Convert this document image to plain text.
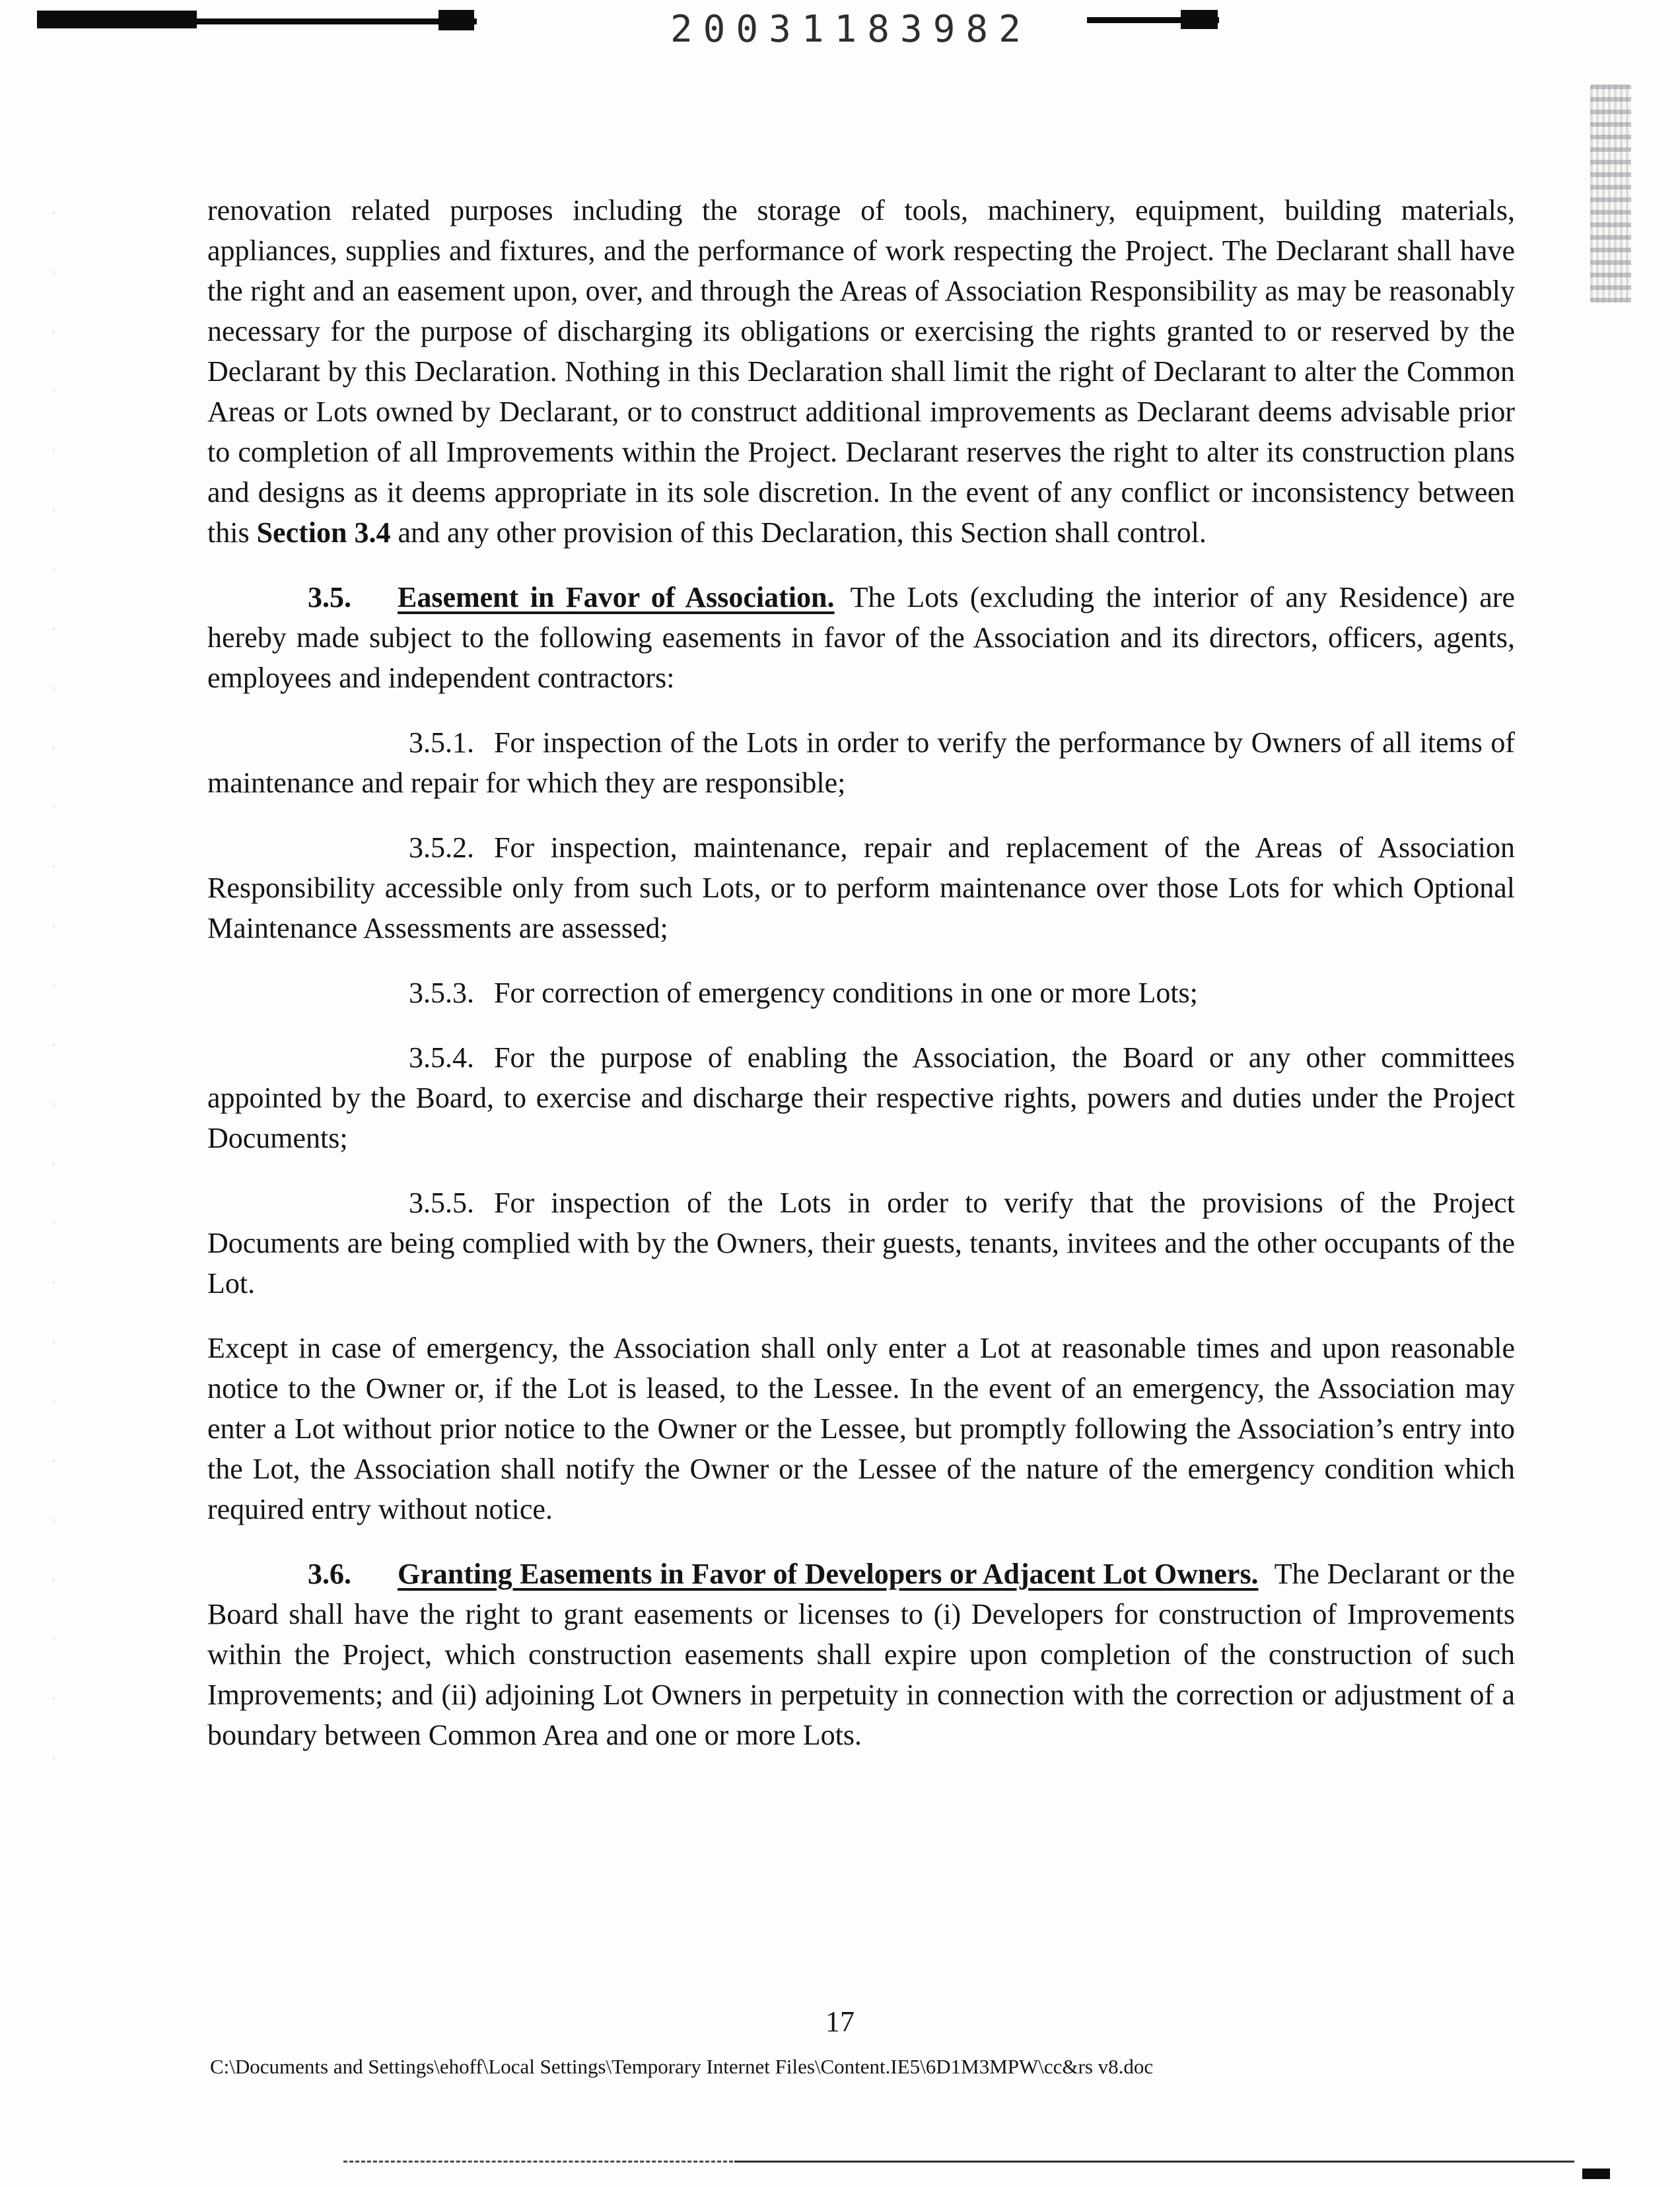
20031183982

renovation related purposes including the storage of tools, machinery, equipment, building materials, appliances, supplies and fixtures, and the performance of work respecting the Project. The Declarant shall have the right and an easement upon, over, and through the Areas of Association Responsibility as may be reasonably necessary for the purpose of discharging its obligations or exercising the rights granted to or reserved by the Declarant by this Declaration. Nothing in this Declaration shall limit the right of Declarant to alter the Common Areas or Lots owned by Declarant, or to construct additional improvements as Declarant deems advisable prior to completion of all Improvements within the Project. Declarant reserves the right to alter its construction plans and designs as it deems appropriate in its sole discretion. In the event of any conflict or inconsistency between this Section 3.4 and any other provision of this Declaration, this Section shall control.

3.5. Easement in Favor of Association. The Lots (excluding the interior of any Residence) are hereby made subject to the following easements in favor of the Association and its directors, officers, agents, employees and independent contractors:

3.5.1. For inspection of the Lots in order to verify the performance by Owners of all items of maintenance and repair for which they are responsible;

3.5.2. For inspection, maintenance, repair and replacement of the Areas of Association Responsibility accessible only from such Lots, or to perform maintenance over those Lots for which Optional Maintenance Assessments are assessed;

3.5.3. For correction of emergency conditions in one or more Lots;

3.5.4. For the purpose of enabling the Association, the Board or any other committees appointed by the Board, to exercise and discharge their respective rights, powers and duties under the Project Documents;

3.5.5. For inspection of the Lots in order to verify that the provisions of the Project Documents are being complied with by the Owners, their guests, tenants, invitees and the other occupants of the Lot.

Except in case of emergency, the Association shall only enter a Lot at reasonable times and upon reasonable notice to the Owner or, if the Lot is leased, to the Lessee. In the event of an emergency, the Association may enter a Lot without prior notice to the Owner or the Lessee, but promptly following the Association’s entry into the Lot, the Association shall notify the Owner or the Lessee of the nature of the emergency condition which required entry without notice.

3.6. Granting Easements in Favor of Developers or Adjacent Lot Owners. The Declarant or the Board shall have the right to grant easements or licenses to (i) Developers for construction of Improvements within the Project, which construction easements shall expire upon completion of the construction of such Improvements; and (ii) adjoining Lot Owners in perpetuity in connection with the correction or adjustment of a boundary between Common Area and one or more Lots.

17
C:\Documents and Settings\ehoff\Local Settings\Temporary Internet Files\Content.IE5\6D1M3MPW\cc&rs v8.doc
